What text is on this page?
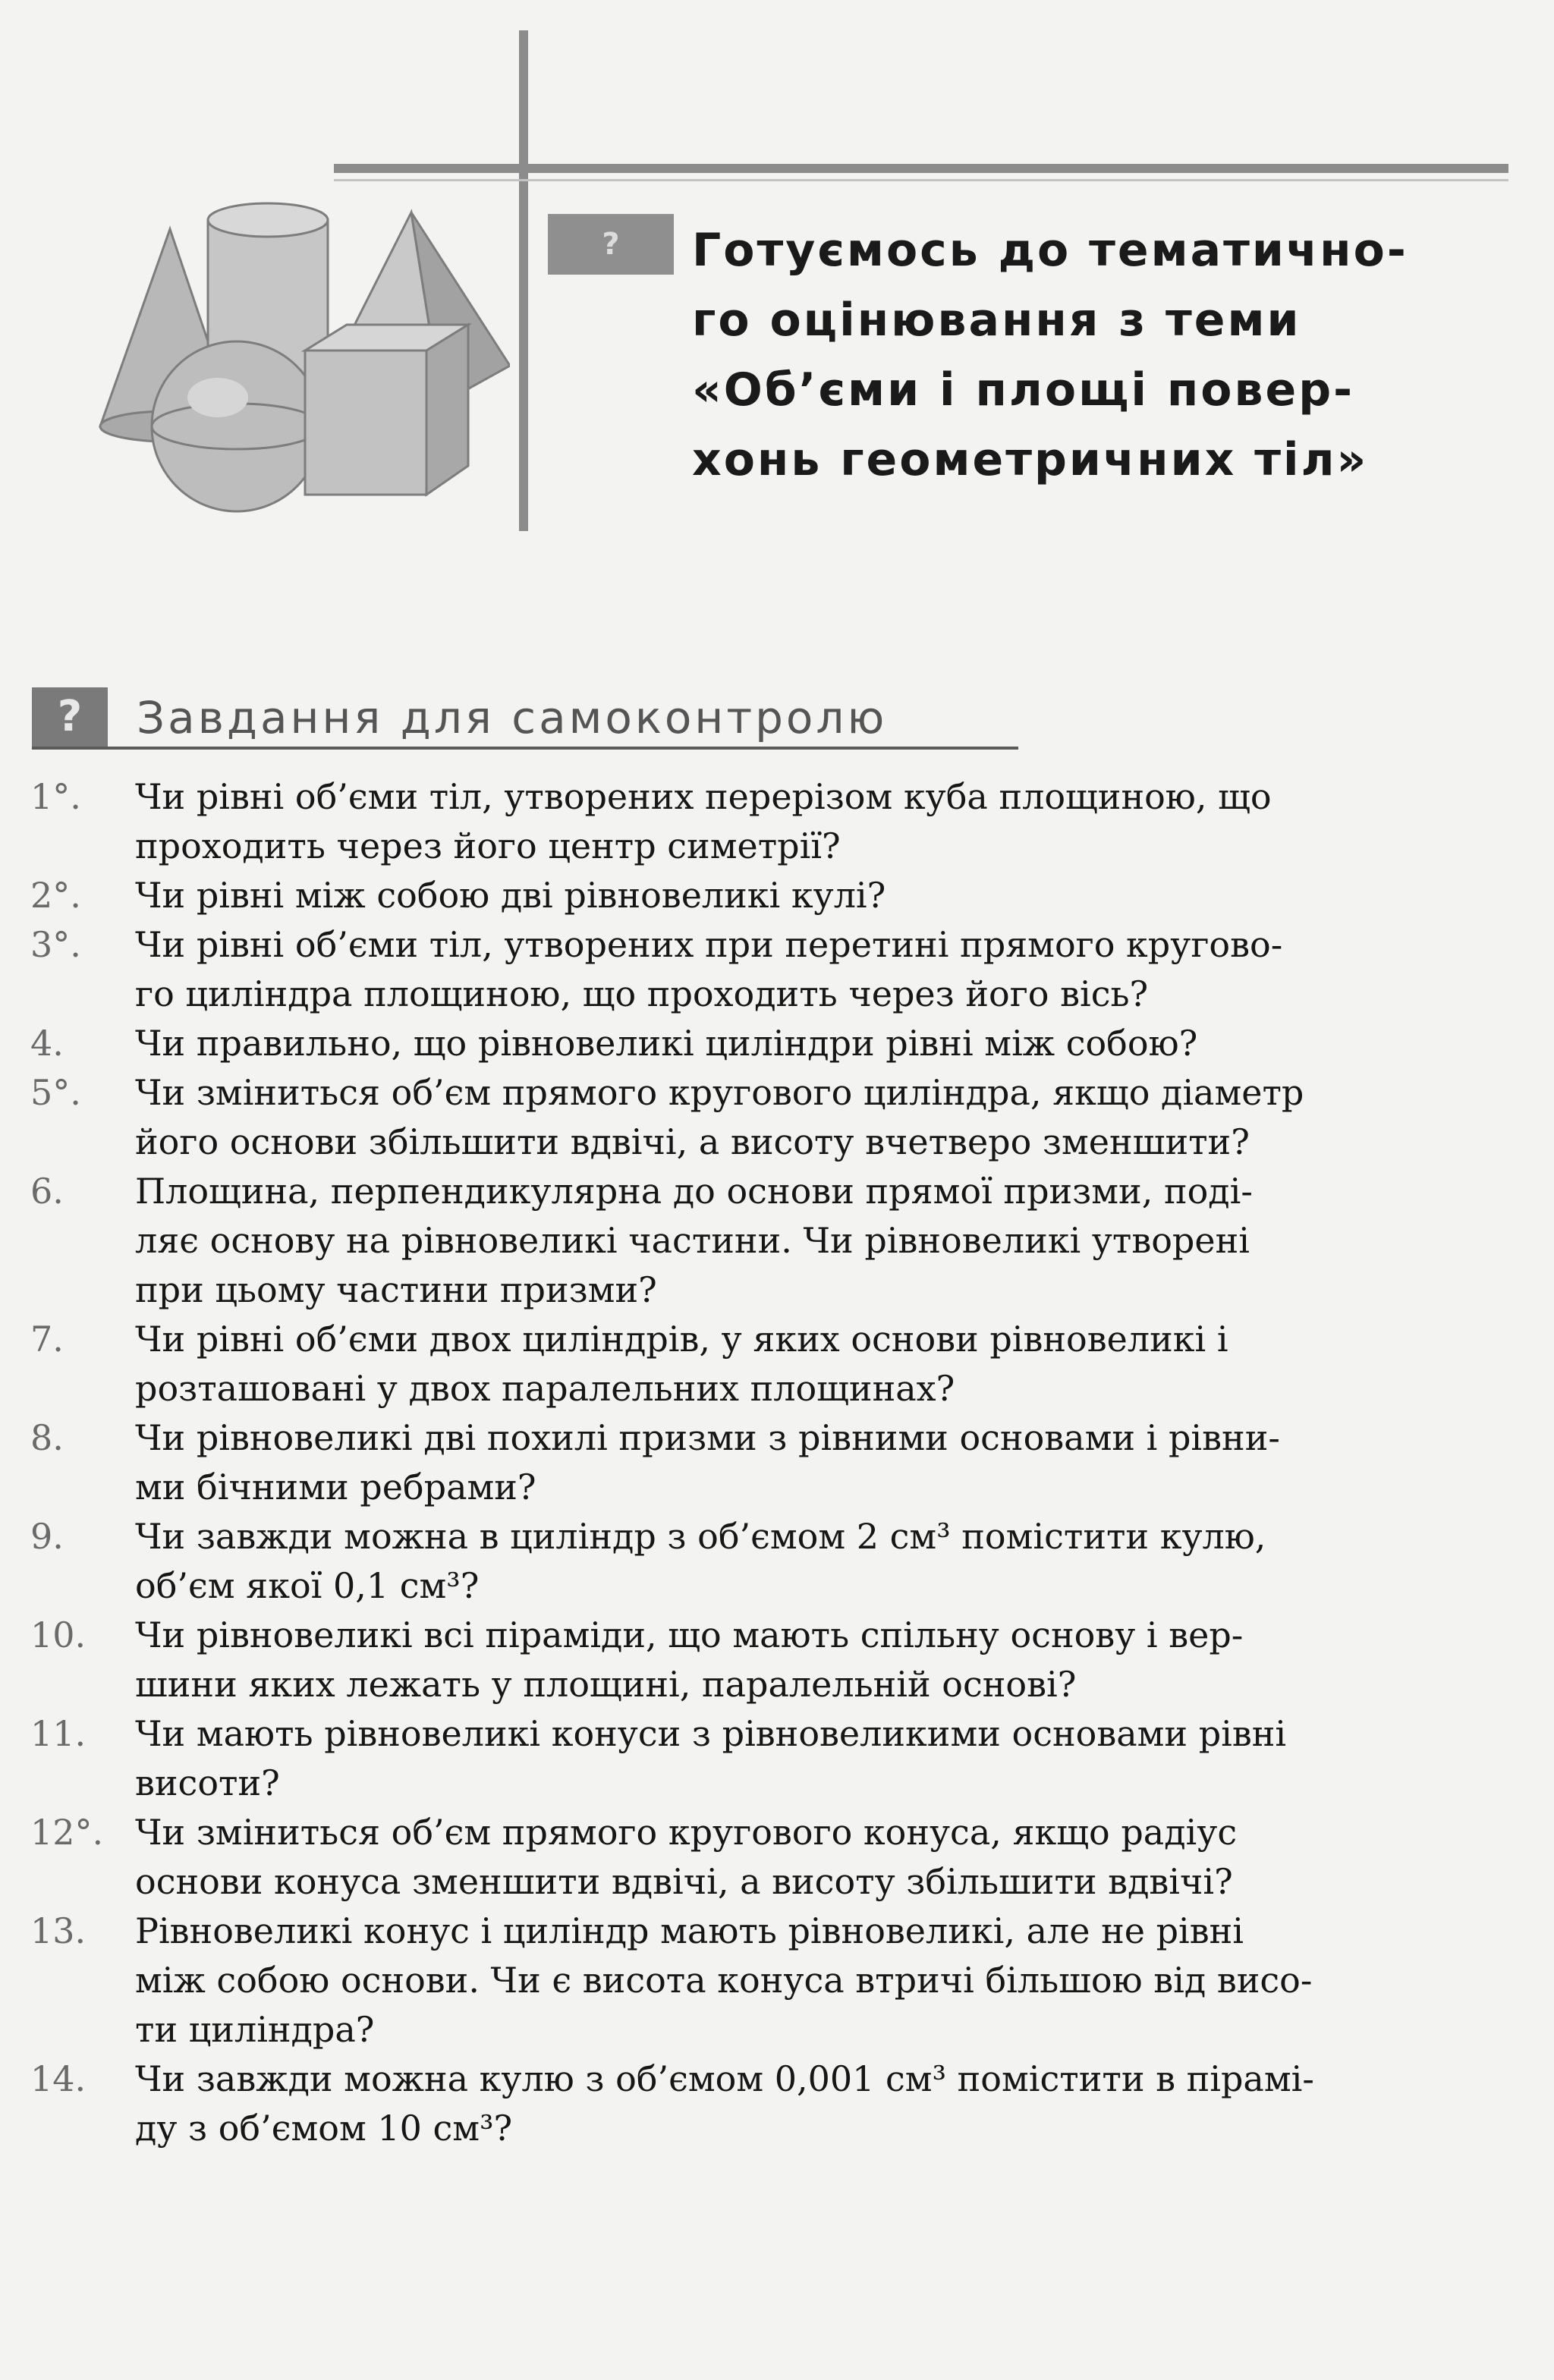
?	Готуємось до тематично-
го оцінювання з теми
«Об’єми і площі повер-
хонь геометричних тіл»
?	Завдання для самоконтролю
1°.	Чи рівні об’єми тіл, утворених перерізом куба площиною, що
проходить через його центр симетрії?
2°.	Чи рівні між собою дві рівновеликі кулі?
3°.	Чи рівні об’єми тіл, утворених при перетині прямого кругово-
го циліндра площиною, що проходить через його вісь?
4.	Чи правильно, що рівновеликі циліндри рівні між собою?
5°.	Чи зміниться об’єм прямого кругового циліндра, якщо діаметр
його основи збільшити вдвічі, а висоту вчетверо зменшити?
6.	Площина, перпендикулярна до основи прямої призми, поді-
ляє основу на рівновеликі частини. Чи рівновеликі утворені
при цьому частини призми?
7.	Чи рівні об’єми двох циліндрів, у яких основи рівновеликі і
розташовані у двох паралельних площинах?
8.	Чи рівновеликі дві похилі призми з рівними основами і рівни-
ми бічними ребрами?
9.	Чи завжди можна в циліндр з об’ємом 2 см³ помістити кулю,
об’єм якої 0,1 см³?
10.	Чи рівновеликі всі піраміди, що мають спільну основу і вер-
шини яких лежать у площині, паралельній основі?
11.	Чи мають рівновеликі конуси з рівновеликими основами рівні
висоти?
12°. Чи зміниться об’єм прямого кругового конуса, якщо радіус
основи конуса зменшити вдвічі, а висоту збільшити вдвічі?
13.	Рівновеликі конус і циліндр мають рівновеликі, але не рівні
між собою основи. Чи є висота конуса втричі більшою від висо-
ти циліндра?
14.	Чи завжди можна кулю з об’ємом 0,001 см³ помістити в пірамі-
ду з об’ємом 10 см³?
